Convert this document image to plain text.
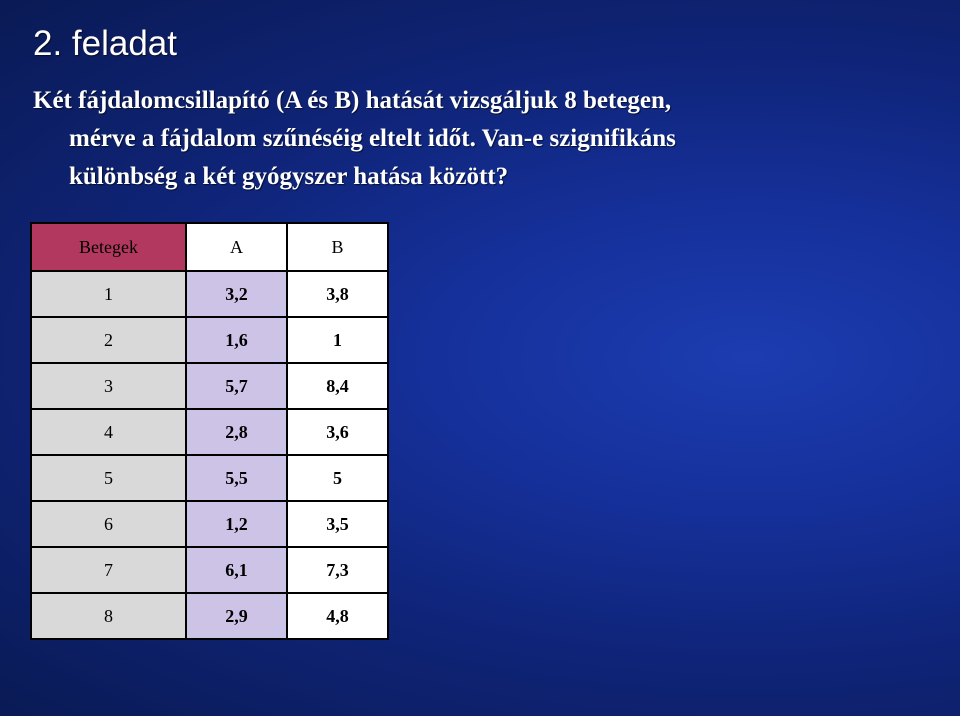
2. feladat

Két fájdalomcsillapító (A és B) hatását vizsgáljuk 8 betegen,
mérve a fájdalom szűnéséig eltelt időt. Van-e szignifikáns
különbség a két gyógyszer hatása között?

Betegek	A	B
1	3,2	3,8
2	1,6	1
3	5,7	8,4
4	2,8	3,6
5	5,5	5
6	1,2	3,5
7	6,1	7,3
8	2,9	4,8
